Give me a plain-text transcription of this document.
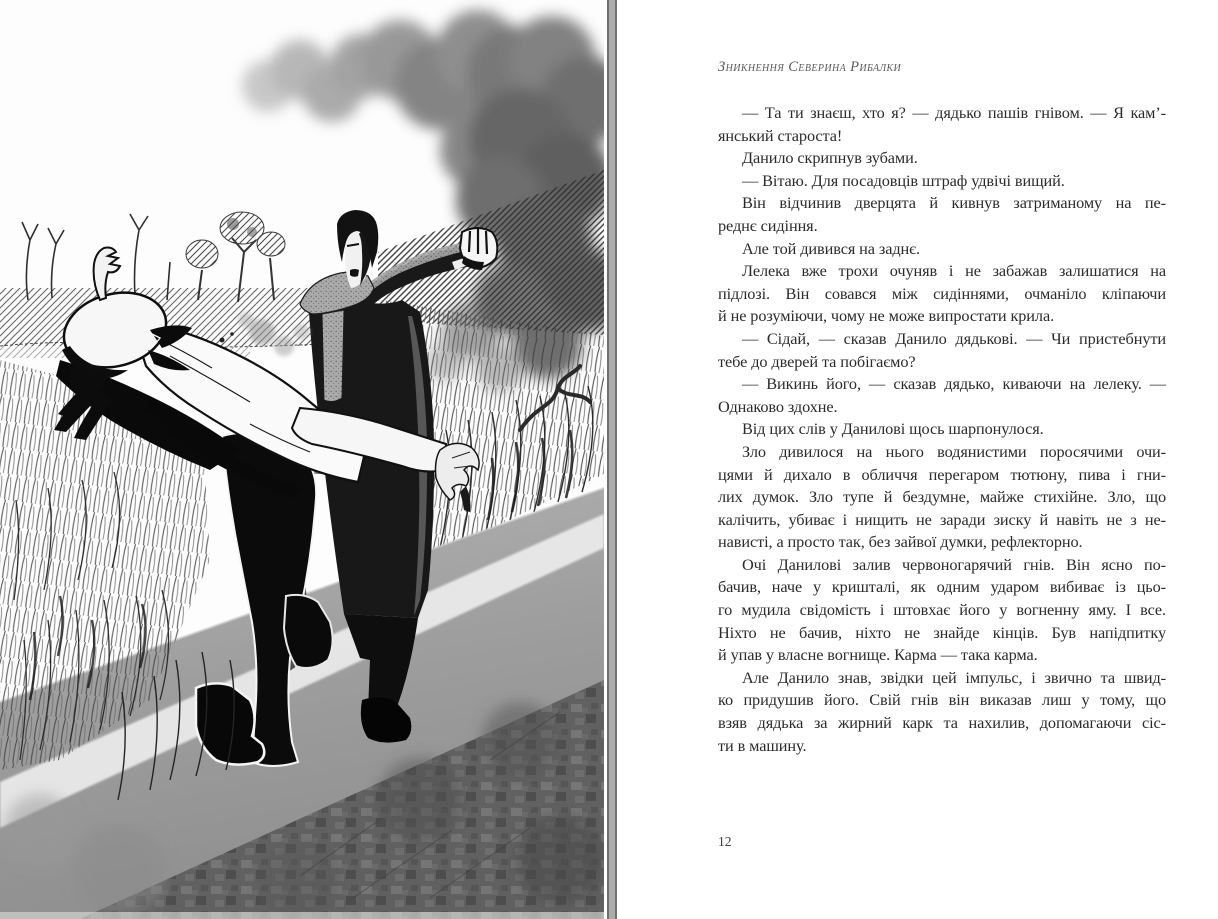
Зникнення Северина Рибалки
— Та ти знаєш, хто я? — дядько пашів гнівом. — Я кам’-
янський староста!
Данило скрипнув зубами.
— Вітаю. Для посадовців штраф удвічі вищий.
Він відчинив дверцята й кивнув затриманому на пе-
реднє сидіння.
Але той дивився на заднє.
Лелека вже трохи очуняв і не забажав залишатися на
підлозі. Він совався між сидіннями, очманіло кліпаючи
й не розуміючи, чому не може випростати крила.
— Сідай, — сказав Данило дядькові. — Чи пристебнути
тебе до дверей та побігаємо?
— Викинь його, — сказав дядько, киваючи на лелеку. —
Однаково здохне.
Від цих слів у Данилові щось шарпонулося.
Зло дивилося на нього водянистими поросячими очи-
цями й дихало в обличчя перегаром тютюну, пива і гни-
лих думок. Зло тупе й бездумне, майже стихійне. Зло, що
калічить, убиває і нищить не заради зиску й навіть не з не-
нависті, а просто так, без зайвої думки, рефлекторно.
Очі Данилові залив червоногарячий гнів. Він ясно по-
бачив, наче у кришталі, як одним ударом вибиває із цьо-
го мудила свідомість і штовхає його у вогненну яму. І все.
Ніхто не бачив, ніхто не знайде кінців. Був напідпитку
й упав у власне вогнище. Карма — така карма.
Але Данило знав, звідки цей імпульс, і звично та швид-
ко придушив його. Свій гнів він виказав лиш у тому, що
взяв дядька за жирний карк та нахилив, допомагаючи сіс-
ти в машину.
12
